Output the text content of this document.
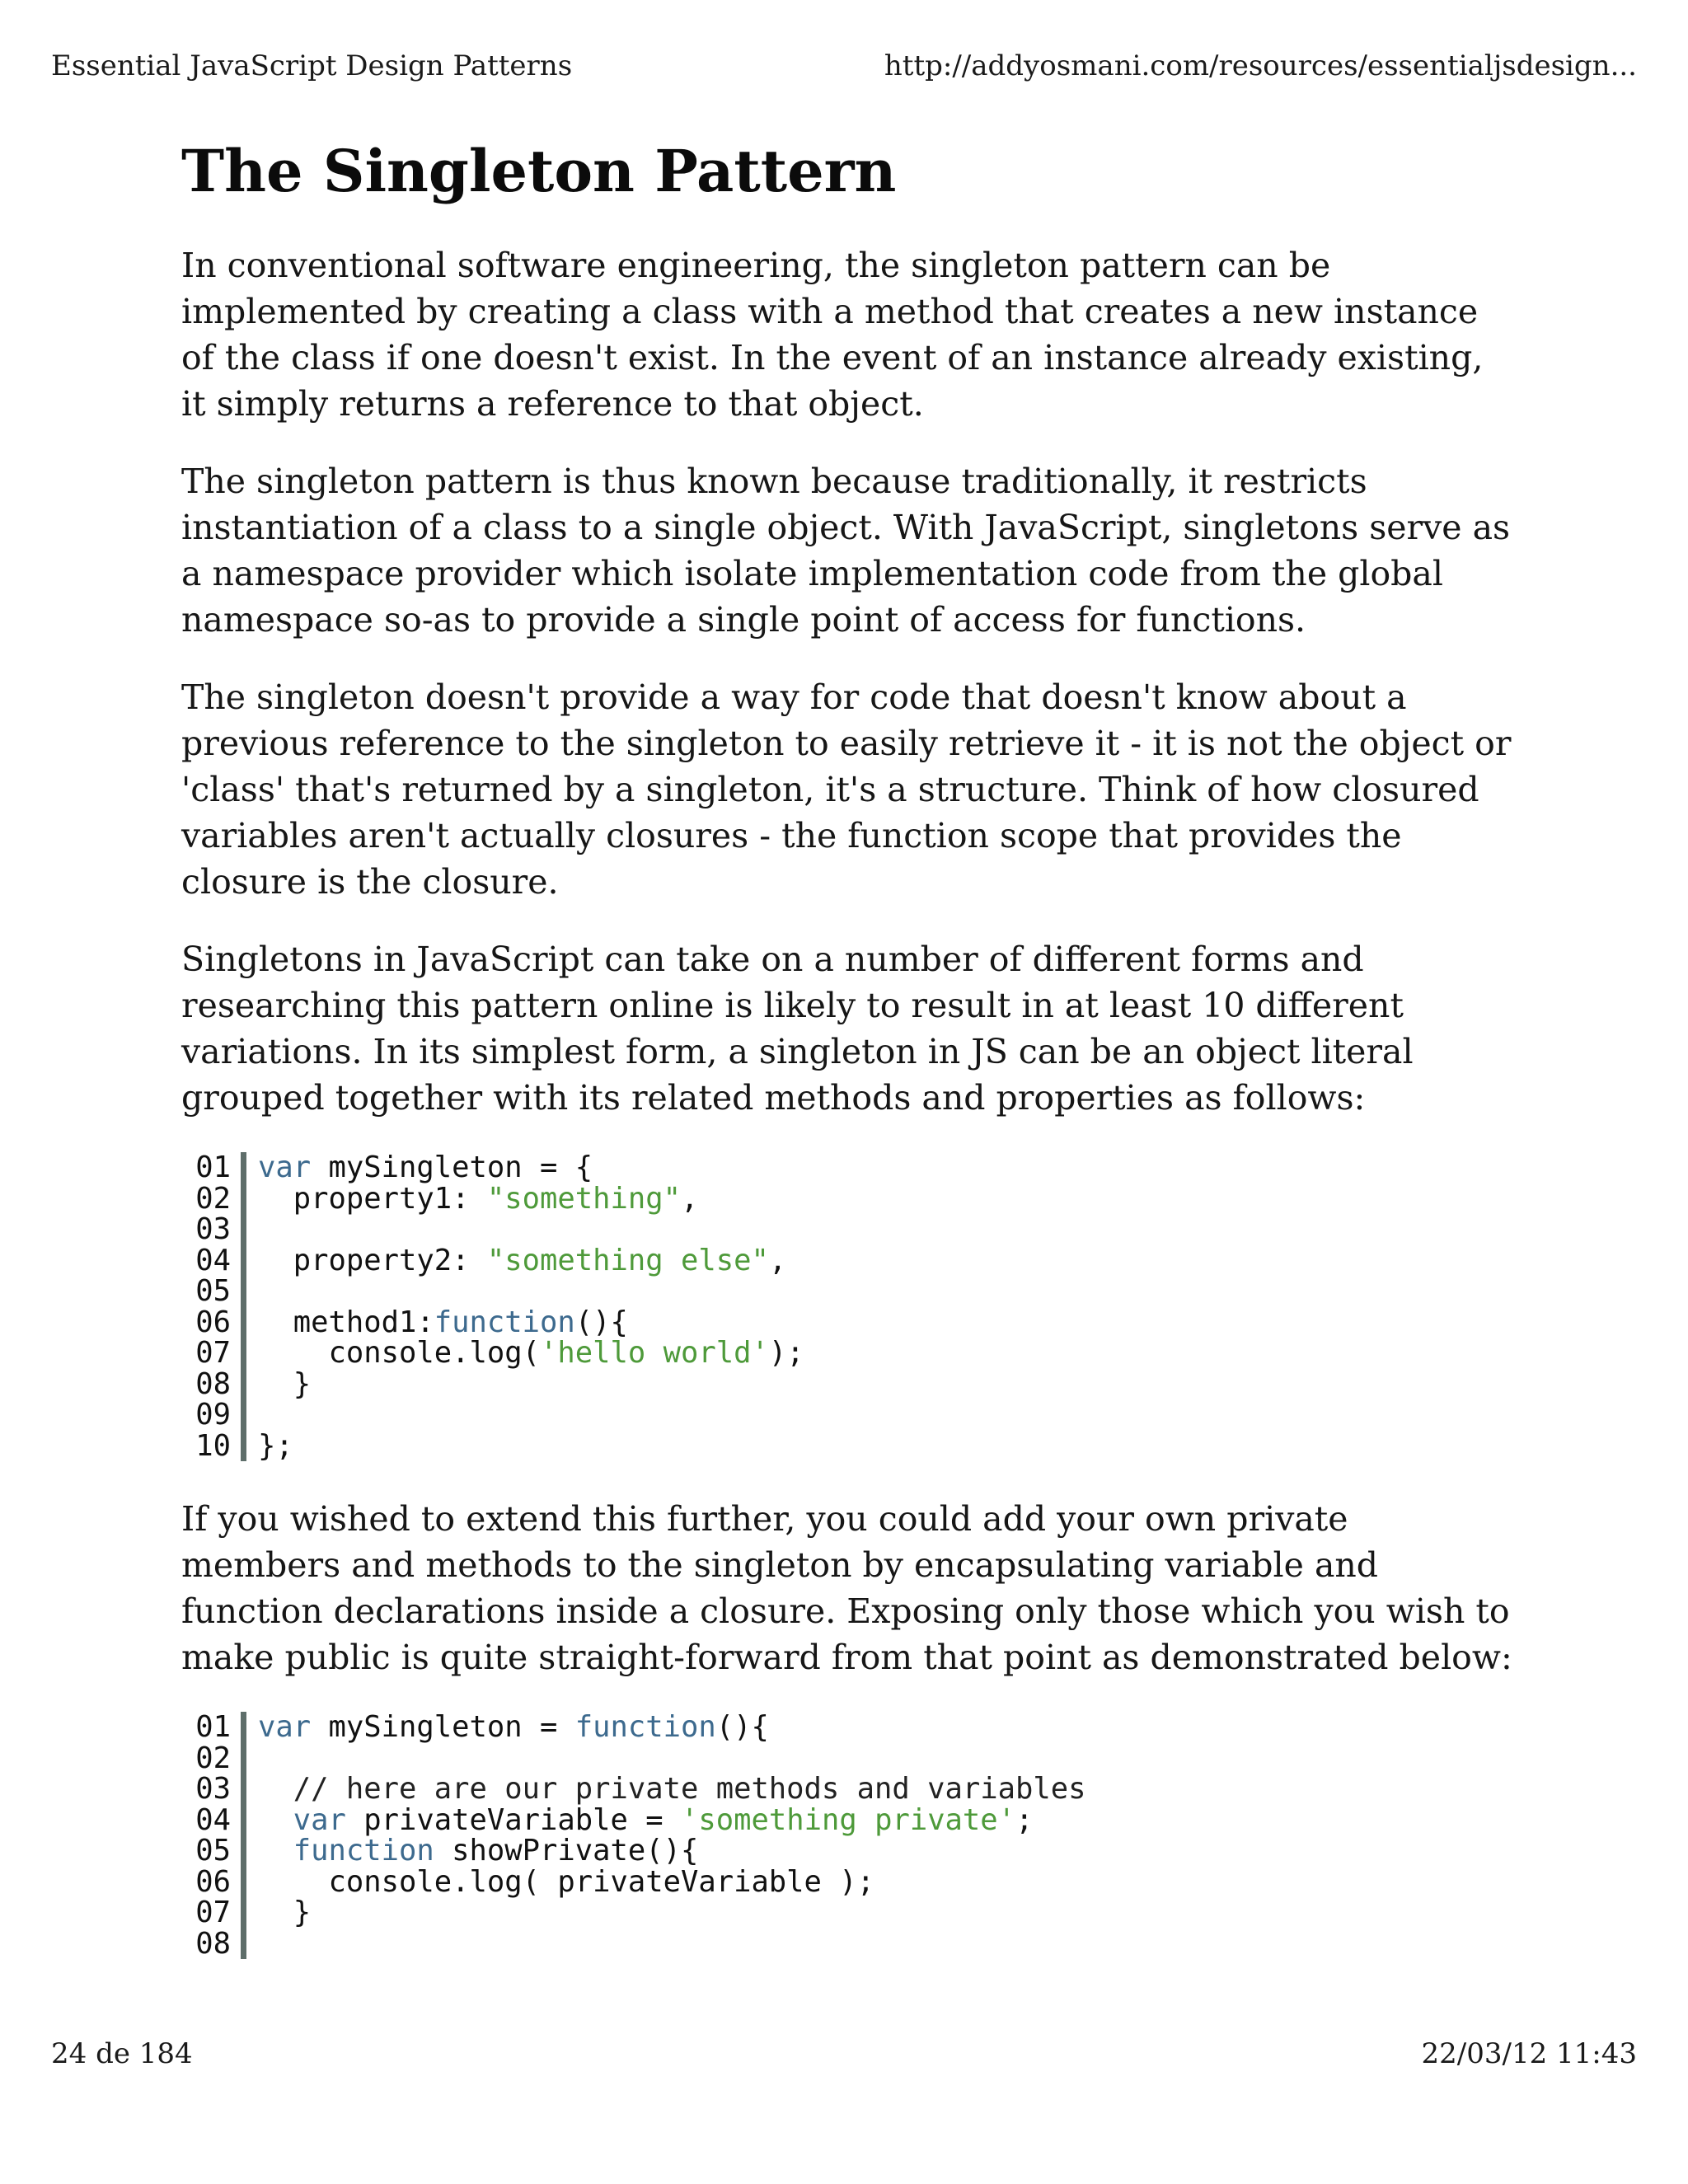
Essential JavaScript Design Patterns	http://addyosmani.com/resources/essentialjsdesign...
The Singleton Pattern

In conventional software engineering, the singleton pattern can be implemented by creating a class with a method that creates a new instance of the class if one doesn't exist. In the event of an instance already existing, it simply returns a reference to that object.

The singleton pattern is thus known because traditionally, it restricts instantiation of a class to a single object. With JavaScript, singletons serve as a namespace provider which isolate implementation code from the global namespace so-as to provide a single point of access for functions.

The singleton doesn't provide a way for code that doesn't know about a previous reference to the singleton to easily retrieve it - it is not the object or 'class' that's returned by a singleton, it's a structure. Think of how closured variables aren't actually closures - the function scope that provides the closure is the closure.

Singletons in JavaScript can take on a number of different forms and researching this pattern online is likely to result in at least 10 different variations. In its simplest form, a singleton in JS can be an object literal grouped together with its related methods and properties as follows:

01 var mySingleton = {
02 property1: "something",
03

04 property2: "something else",
05

06 method1:function(){
07 console.log('hello world');
08 }
09

10 };

If you wished to extend this further, you could add your own private members and methods to the singleton by encapsulating variable and function declarations inside a closure. Exposing only those which you wish to make public is quite straight-forward from that point as demonstrated below:

01 var mySingleton = function(){
02

03 // here are our private methods and variables
04	var privateVariable = 'something private';
05	function showPrivate(){
06 console.log( privateVariable );
07 }
08

24 de 184	22/03/12 11:43
